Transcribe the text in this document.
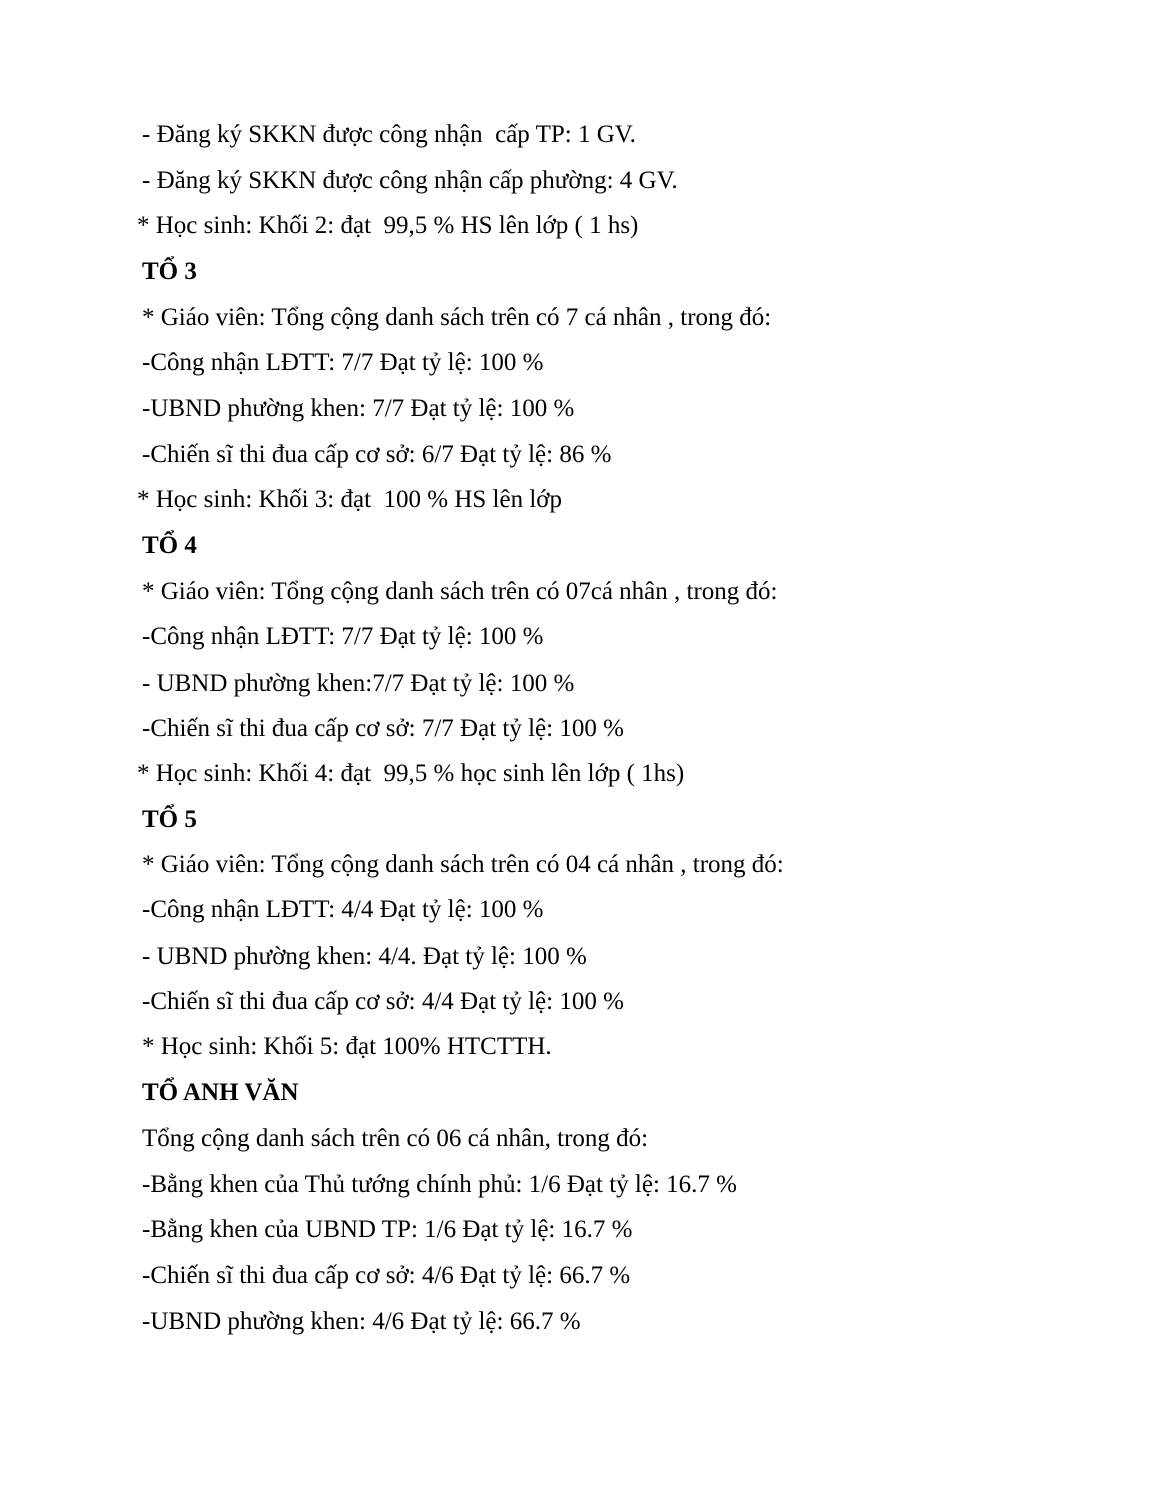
- Đăng ký SKKN được công nhận  cấp TP: 1 GV.

- Đăng ký SKKN được công nhận cấp phường: 4 GV.

* Học sinh: Khối 2: đạt  99,5 % HS lên lớp ( 1 hs)

TỔ 3

* Giáo viên: Tổng cộng danh sách trên có 7 cá nhân , trong đó:

-Công nhận LĐTT: 7/7 Đạt tỷ lệ: 100 %

-UBND phường khen: 7/7 Đạt tỷ lệ: 100 %

-Chiến sĩ thi đua cấp cơ sở: 6/7 Đạt tỷ lệ: 86 %

* Học sinh: Khối 3: đạt  100 % HS lên lớp

TỔ 4

* Giáo viên: Tổng cộng danh sách trên có 07cá nhân , trong đó:

-Công nhận LĐTT: 7/7 Đạt tỷ lệ: 100 %

- UBND phường khen:7/7 Đạt tỷ lệ: 100 %

-Chiến sĩ thi đua cấp cơ sở: 7/7 Đạt tỷ lệ: 100 %

* Học sinh: Khối 4: đạt  99,5 % học sinh lên lớp ( 1hs)

TỔ 5

* Giáo viên: Tổng cộng danh sách trên có 04 cá nhân , trong đó:

-Công nhận LĐTT: 4/4 Đạt tỷ lệ: 100 %

- UBND phường khen: 4/4. Đạt tỷ lệ: 100 %

-Chiến sĩ thi đua cấp cơ sở: 4/4 Đạt tỷ lệ: 100 %

* Học sinh: Khối 5: đạt 100% HTCTTH.

TỔ ANH VĂN

Tổng cộng danh sách trên có 06 cá nhân, trong đó:

-Bằng khen của Thủ tướng chính phủ: 1/6 Đạt tỷ lệ: 16.7 %

-Bằng khen của UBND TP: 1/6 Đạt tỷ lệ: 16.7 %

-Chiến sĩ thi đua cấp cơ sở: 4/6 Đạt tỷ lệ: 66.7 %

-UBND phường khen: 4/6 Đạt tỷ lệ: 66.7 %
